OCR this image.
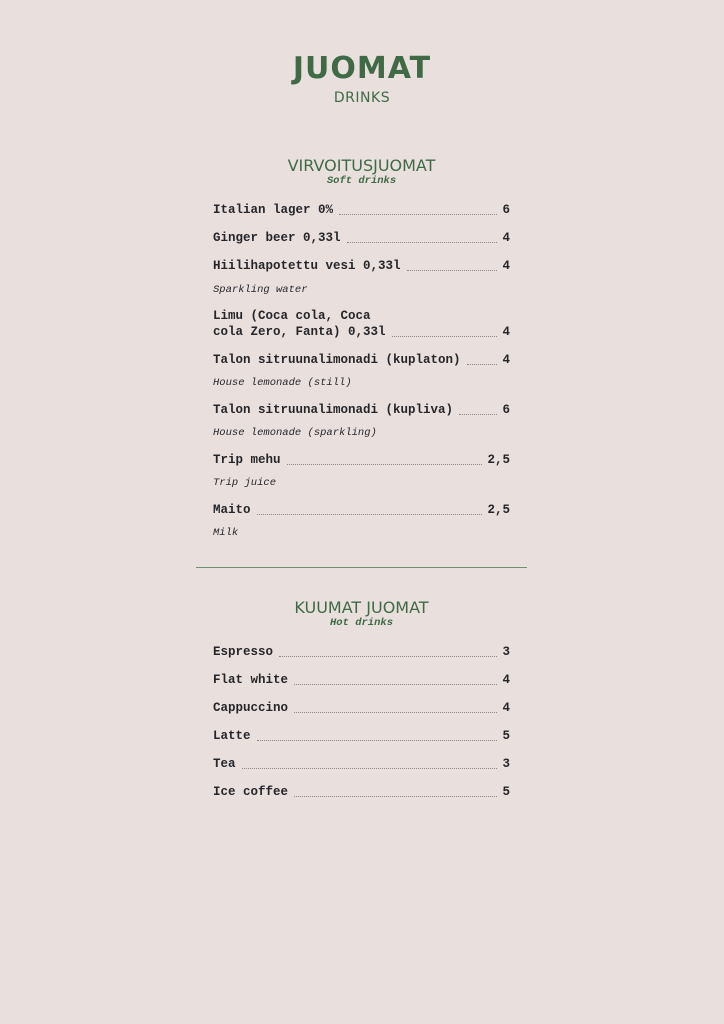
JUOMAT
DRINKS
VIRVOITUSJUOMAT
Soft drinks
Italian lager 0%	6
Ginger beer 0,33l	4
Hiilihapotettu vesi 0,33l	4
Sparkling water
Limu (Coca cola, Coca
cola Zero, Fanta) 0,33l	4
Talon sitruunalimonadi (kuplaton)	4
House lemonade (still)
Talon sitruunalimonadi (kupliva)	6
House lemonade (sparkling)
Trip mehu	2,5
Trip juice
Maito	2,5
Milk
KUUMAT JUOMAT
Hot drinks
Espresso	3
Flat white	4
Cappuccino	4
Latte	5
Tea	3
Ice coffee	5
